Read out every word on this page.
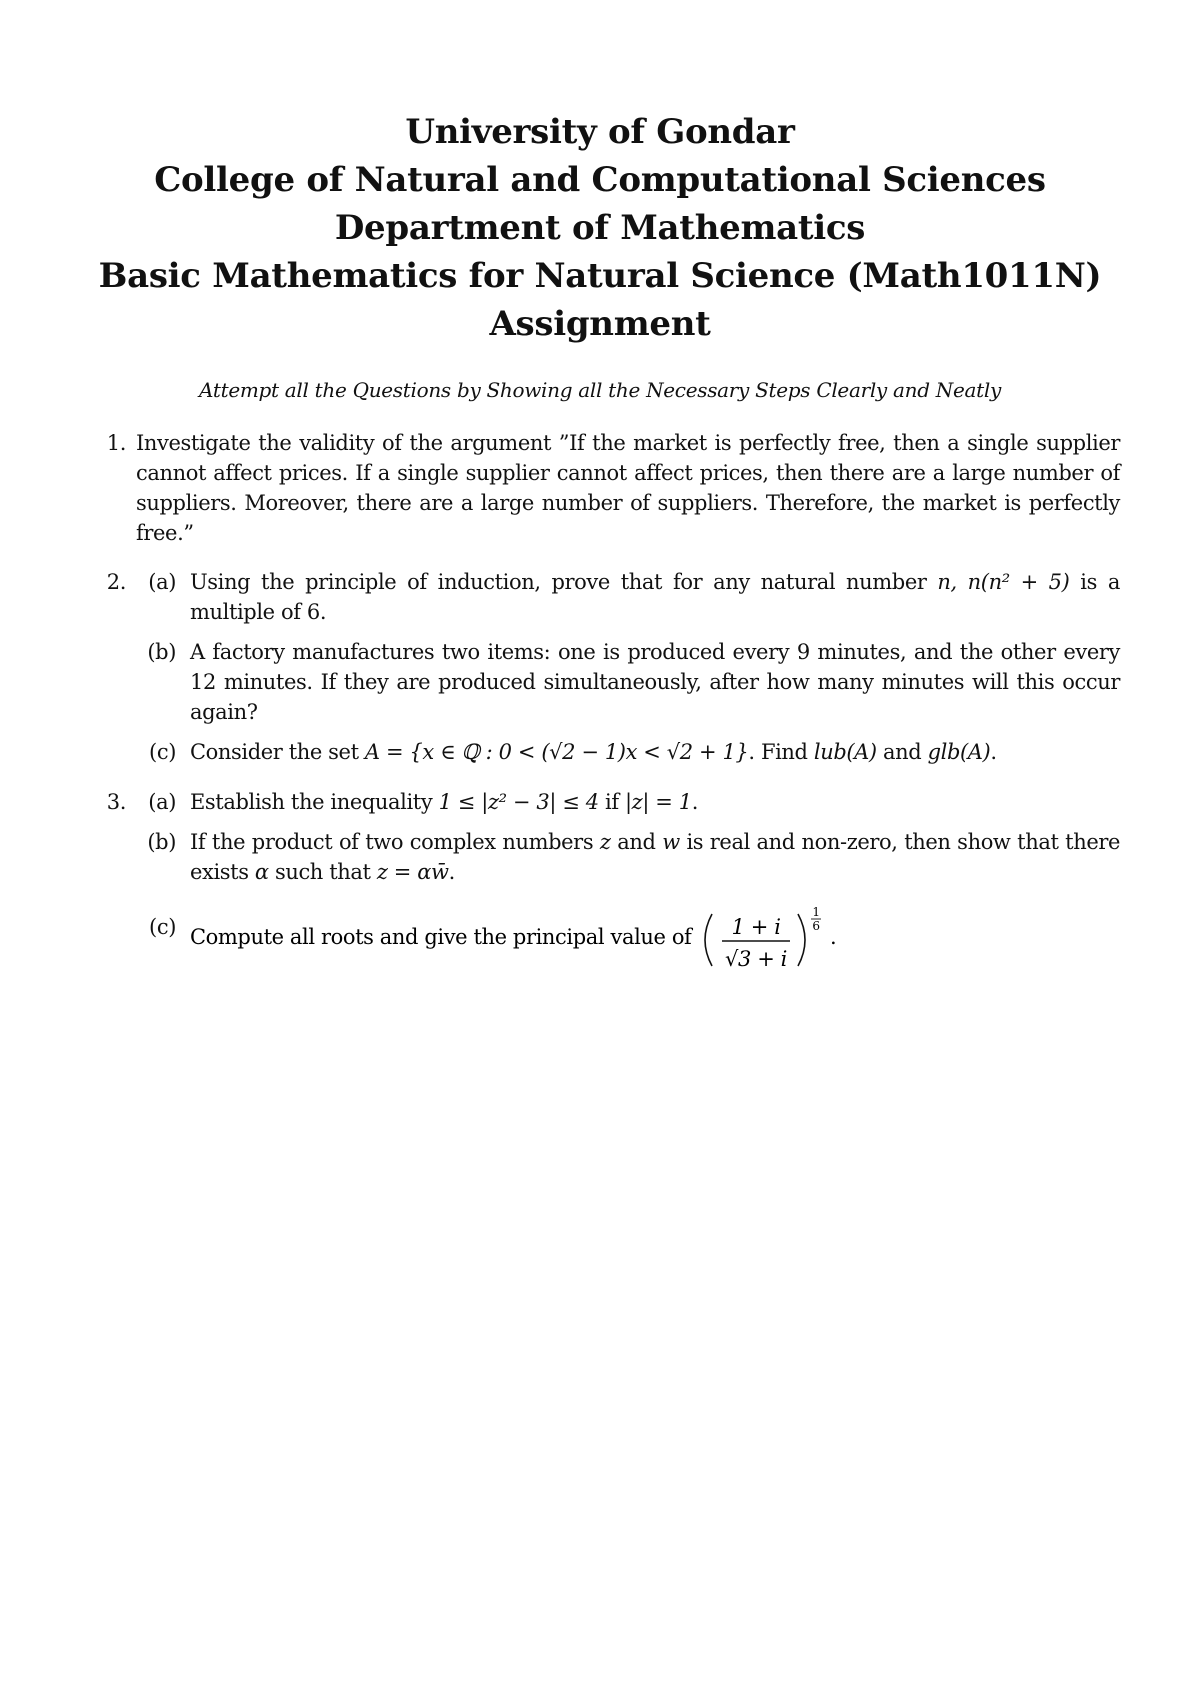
University of Gondar
College of Natural and Computational Sciences
Department of Mathematics
Basic Mathematics for Natural Science (Math1011N)
Assignment
Attempt all the Questions by Showing all the Necessary Steps Clearly and Neatly
1. Investigate the validity of the argument ”If the market is perfectly free, then a single supplier cannot affect prices. If a single supplier cannot affect prices, then there are a large number of suppliers. Moreover, there are a large number of suppliers. Therefore, the market is perfectly free.”
2.	(a) Using the principle of induction, prove that for any natural number n, n(n² + 5) is a multiple of 6.
(b) A factory manufactures two items: one is produced every 9 minutes, and the other every 12 minutes. If they are produced simultaneously, after how many minutes will this occur again?
(c) Consider the set A = {x ∈ ℚ : 0 < (√2 − 1)x < √2 + 1}. Find lub(A) and glb(A).
3.	(a) Establish the inequality 1 ≤ |z² − 3| ≤ 4 if |z| = 1.
(b) If the product of two complex numbers z and w is real and non-zero, then show that there exists α such that z = αw̄.
(c) Compute all roots and give the principal value of 1 + i
√3 + i
1
6 .
